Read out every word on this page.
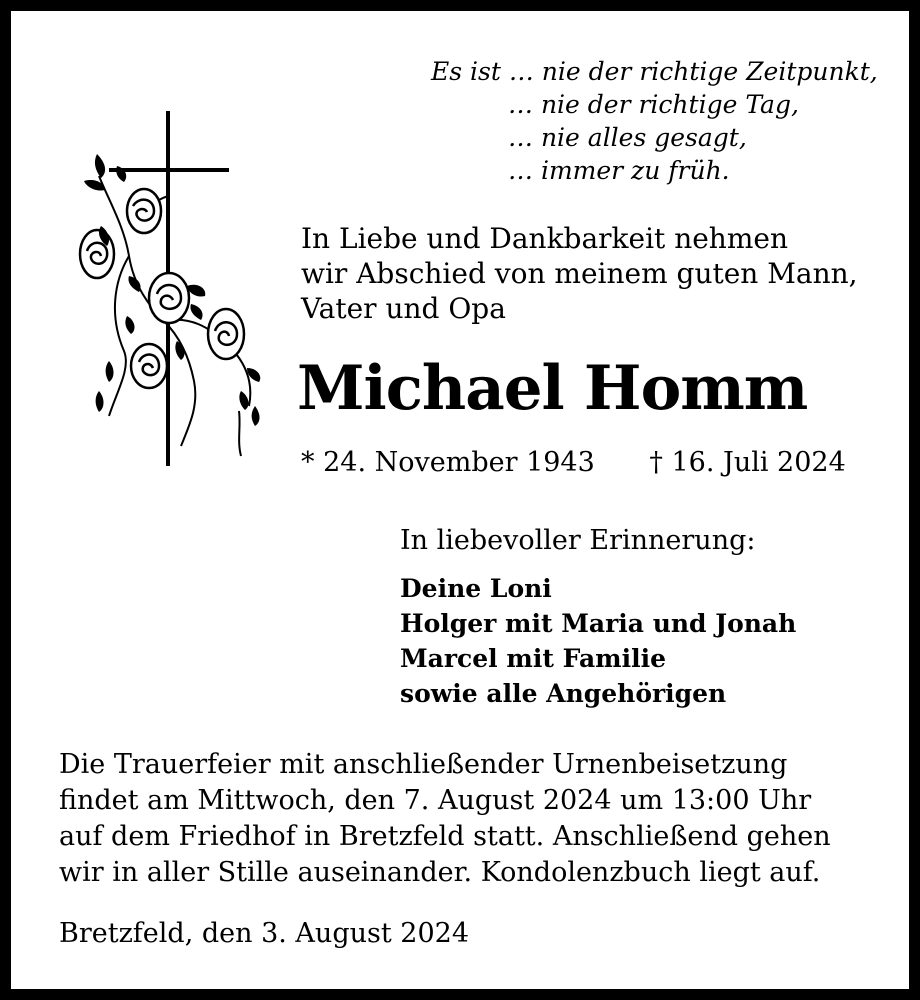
Es ist … nie der richtige Zeitpunkt,
… nie der richtige Tag,
… nie alles gesagt,
… immer zu früh.
In Liebe und Dankbarkeit nehmen
wir Abschied von meinem guten Mann,
Vater und Opa
Michael Homm
* 24. November 1943 † 16. Juli 2024
In liebevoller Erinnerung:
Deine Loni
Holger mit Maria und Jonah
Marcel mit Familie
sowie alle Angehörigen
Die Trauerfeier mit anschließender Urnenbeisetzung
findet am Mittwoch, den 7. August 2024 um 13:00 Uhr
auf dem Friedhof in Bretzfeld statt. Anschließend gehen
wir in aller Stille auseinander. Kondolenzbuch liegt auf.
Bretzfeld, den 3. August 2024
